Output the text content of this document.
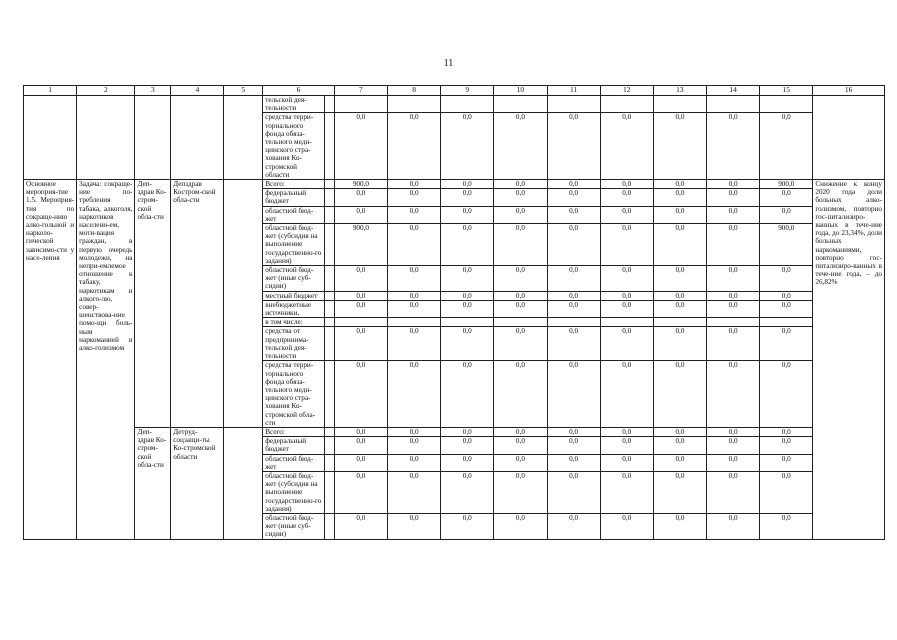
11
1	2	3	4	5	6		7	8	9	10	11	12	13	14	15	16
					тельской дея-тельности											
					средства терри-ториального фонда обяза-тельного меди-цинского стра-хования Ко-стромской области		0,0	0,0	0,0	0,0	0,0	0,0	0,0	0,0	0,0	
Основное мероприя-тие 1.5. Мероприя-тия по сокраще-нию алко-гольной и нарколо-гической зависимо-сти у насе-ления	Задача: сокраще-ние по-требления табака, алкоголя, наркотиков населени-ем, моти-вация граждан, в первую очередь молодежи, на непри-емлемое отношение к табаку, наркотикам и алкого-лю, совер-шенствова-ние помо-щи боль-ным наркоманией и алко-голизмом	Деп-здрав Ко-стром-ской обла-сти	Депздрав Костром-ской обла-сти		Всего:		900,0	0,0	0,0	0,0	0,0	0,0	0,0	0,0	900,0	Снижение к концу 2020 года доли больных алко-голизмом, повторно гос-питализиро-ванных в тече-ние года, до 23,34%, доли больных наркоманиями, повторно гос-питализиро-ванных в тече-ние года, – до 26,82%
					федеральный бюджет		0,0	0,0	0,0	0,0	0,0	0,0	0,0	0,0	0,0	
					областной бюд-жет		0,0	0,0	0,0	0,0	0,0	0,0	0,0	0,0	0,0	
					областной бюд-жет (субсидия на выполнение государственно-го задания)		900,0	0,0	0,0	0,0	0,0	0,0	0,0	0,0	900,0	
					областной бюд-жет (иные суб-сидии)		0,0	0,0	0,0	0,0	0,0	0,0	0,0	0,0	0,0	
					местный бюджет		0,0	0,0	0,0	0,0	0,0	0,0	0,0	0,0	0,0	
					внебюджетные источники,		0,0	0,0	0,0	0,0	0,0	0,0	0,0	0,0	0,0	
					в том числе:											
					средства от предпринима-тельской дея-тельности		0,0	0,0	0,0	0,0	0,0	0,0	0,0	0,0	0,0	
					средства терри-ториального фонда обяза-тельного меди-цинского стра-хования Ко-стромской обла-сти		0,0	0,0	0,0	0,0	0,0	0,0	0,0	0,0	0,0	
		Деп-здрав Ко-стром-ской обла-сти	Детруд-соцзащи-ты Ко-стромской области		Всего:		0,0	0,0	0,0	0,0	0,0	0,0	0,0	0,0	0,0	
					федеральный бюджет		0,0	0,0	0,0	0,0	0,0	0,0	0,0	0,0	0,0	
					областной бюд-жет		0,0	0,0	0,0	0,0	0,0	0,0	0,0	0,0	0,0	
					областной бюд-жет (субсидия на выполнение государственно-го задания)		0,0	0,0	0,0	0,0	0,0	0,0	0,0	0,0	0,0	
					областной бюд-жет (иные суб-сидии)		0,0	0,0	0,0	0,0	0,0	0,0	0,0	0,0	0,0	
